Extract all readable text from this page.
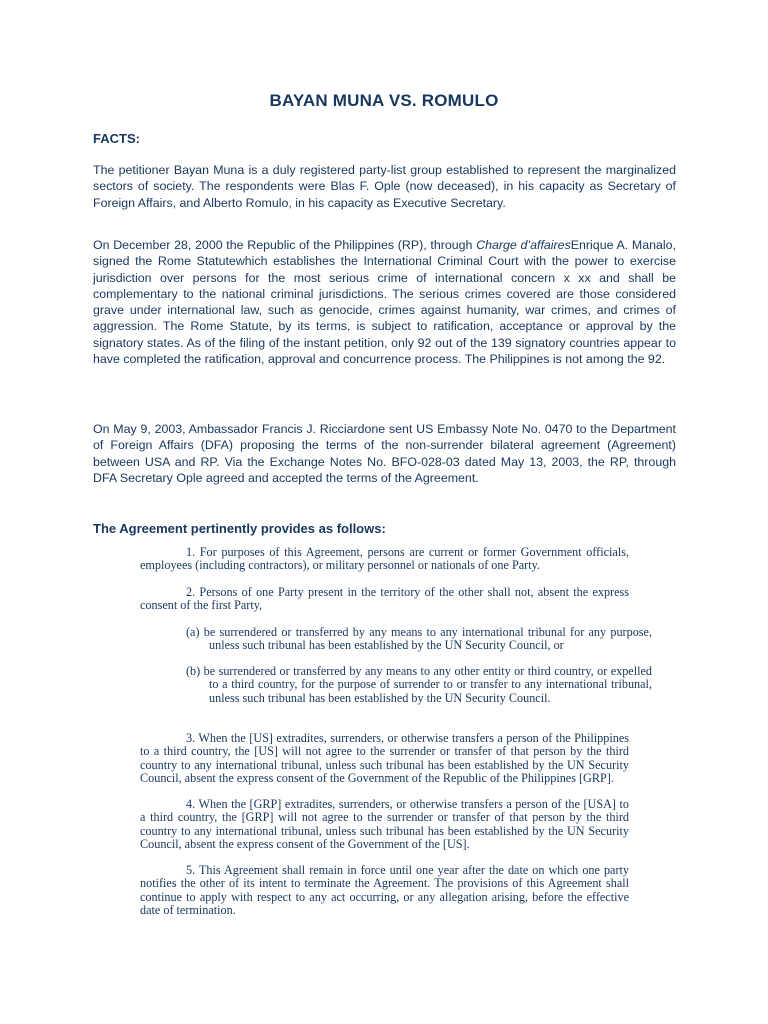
BAYAN MUNA VS. ROMULO

FACTS:

The petitioner Bayan Muna is a duly registered party-list group established to represent the marginalized sectors of society. The respondents were Blas F. Ople (now deceased), in his capacity as Secretary of Foreign Affairs, and Alberto Romulo, in his capacity as Executive Secretary.

On December 28, 2000 the Republic of the Philippines (RP), through Charge d’affairesEnrique A. Manalo, signed the Rome Statutewhich establishes the International Criminal Court with the power to exercise jurisdiction over persons for the most serious crime of international concern x xx and shall be complementary to the national criminal jurisdictions. The serious crimes covered are those considered grave under international law, such as genocide, crimes against humanity, war crimes, and crimes of aggression. The Rome Statute, by its terms, is subject to ratification, acceptance or approval by the signatory states. As of the filing of the instant petition, only 92 out of the 139 signatory countries appear to have completed the ratification, approval and concurrence process. The Philippines is not among the 92.

On May 9, 2003, Ambassador Francis J. Ricciardone sent US Embassy Note No. 0470 to the Department of Foreign Affairs (DFA) proposing the terms of the non-surrender bilateral agreement (Agreement) between USA and RP. Via the Exchange Notes No. BFO-028-03 dated May 13, 2003, the RP, through DFA Secretary Ople agreed and accepted the terms of the Agreement.

The Agreement pertinently provides as follows:

1. For purposes of this Agreement, persons are current or former Government officials, employees (including contractors), or military personnel or nationals of one Party.

2. Persons of one Party present in the territory of the other shall not, absent the express consent of the first Party,

(a) be surrendered or transferred by any means to any international tribunal for any purpose, unless such tribunal has been established by the UN Security Council, or

(b) be surrendered or transferred by any means to any other entity or third country, or expelled to a third country, for the purpose of surrender to or transfer to any international tribunal, unless such tribunal has been established by the UN Security Council.

3. When the [US] extradites, surrenders, or otherwise transfers a person of the Philippines to a third country, the [US] will not agree to the surrender or transfer of that person by the third country to any international tribunal, unless such tribunal has been established by the UN Security Council, absent the express consent of the Government of the Republic of the Philippines [GRP].

4. When the [GRP] extradites, surrenders, or otherwise transfers a person of the [USA] to a third country, the [GRP] will not agree to the surrender or transfer of that person by the third country to any international tribunal, unless such tribunal has been established by the UN Security Council, absent the express consent of the Government of the [US].

5. This Agreement shall remain in force until one year after the date on which one party notifies the other of its intent to terminate the Agreement. The provisions of this Agreement shall continue to apply with respect to any act occurring, or any allegation arising, before the effective date of termination.
